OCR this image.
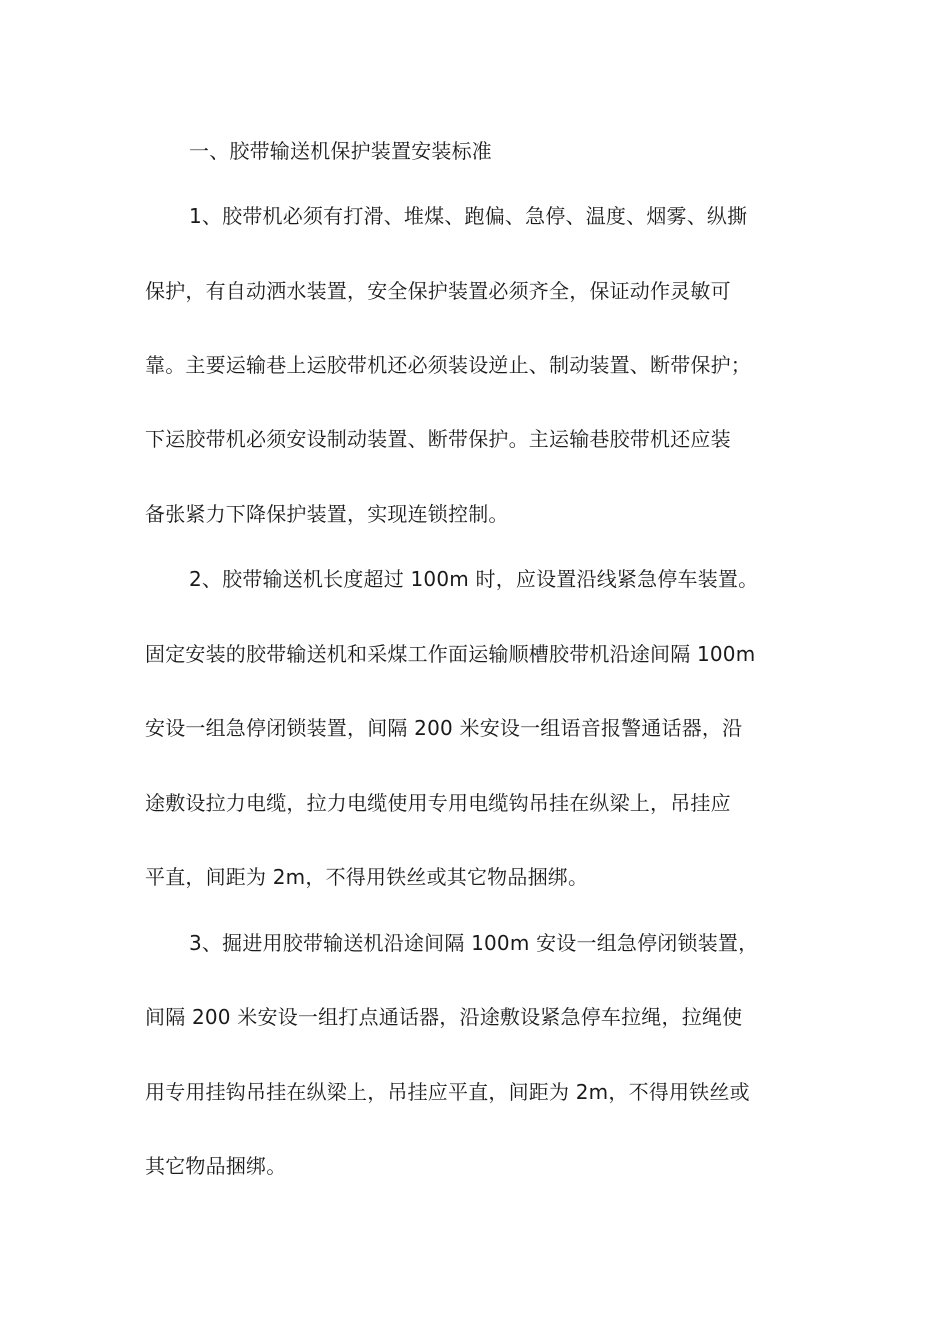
一、胶带输送机保护装置安装标准
1、胶带机必须有打滑、堆煤、跑偏、急停、温度、烟雾、纵撕
保护，有自动洒水装置，安全保护装置必须齐全，保证动作灵敏可
靠。主要运输巷上运胶带机还必须装设逆止、制动装置、断带保护；
下运胶带机必须安设制动装置、断带保护。主运输巷胶带机还应装
备张紧力下降保护装置，实现连锁控制。
2、胶带输送机长度超过 100m 时，应设置沿线紧急停车装置。
固定安装的胶带输送机和采煤工作面运输顺槽胶带机沿途间隔 100m
安设一组急停闭锁装置，间隔 200 米安设一组语音报警通话器，沿
途敷设拉力电缆，拉力电缆使用专用电缆钩吊挂在纵梁上，吊挂应
平直，间距为 2m，不得用铁丝或其它物品捆绑。
3、掘进用胶带输送机沿途间隔 100m 安设一组急停闭锁装置，
间隔 200 米安设一组打点通话器，沿途敷设紧急停车拉绳，拉绳使
用专用挂钩吊挂在纵梁上，吊挂应平直，间距为 2m，不得用铁丝或
其它物品捆绑。
